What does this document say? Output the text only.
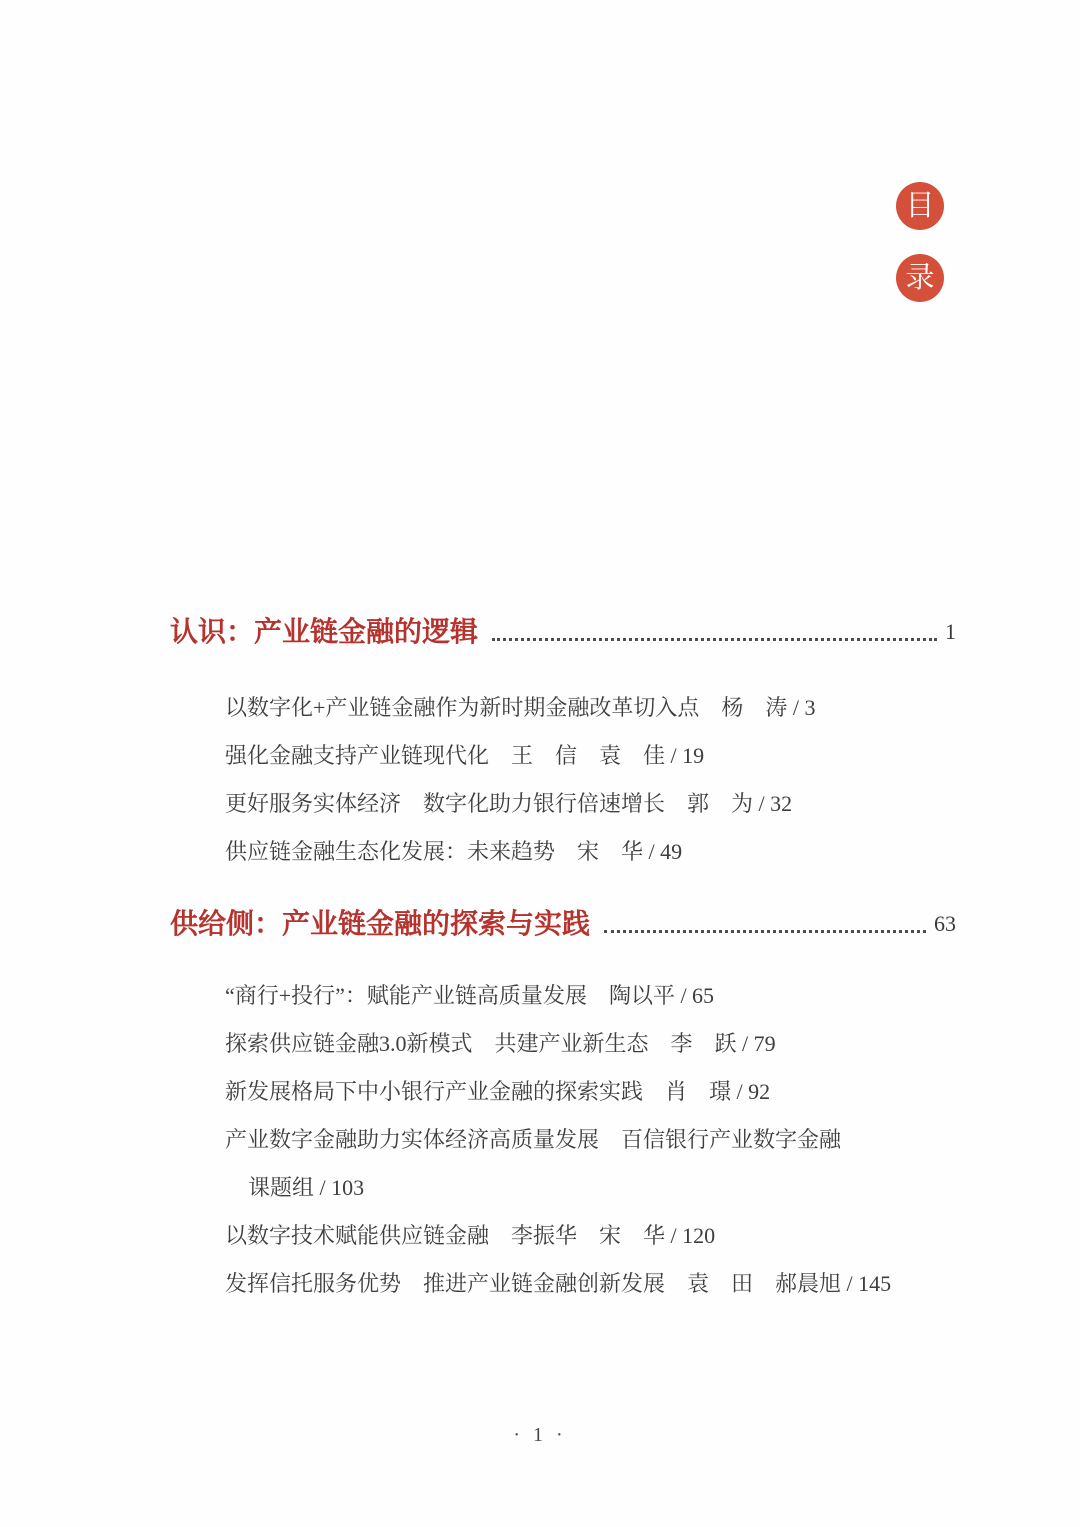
目
录
认识：产业链金融的逻辑	1
以数字化+产业链金融作为新时期金融改革切入点　杨　涛 / 3
强化金融支持产业链现代化　王　信　袁　佳 / 19
更好服务实体经济　数字化助力银行倍速增长　郭　为 / 32
供应链金融生态化发展：未来趋势　宋　华 / 49
供给侧：产业链金融的探索与实践	63
“商行+投行”：赋能产业链高质量发展　陶以平 / 65
探索供应链金融3.0新模式　共建产业新生态　李　跃 / 79
新发展格局下中小银行产业金融的探索实践　肖　璟 / 92
产业数字金融助力实体经济高质量发展　百信银行产业数字金融
课题组 / 103
以数字技术赋能供应链金融　李振华　宋　华 / 120
发挥信托服务优势　推进产业链金融创新发展　袁　田　郝晨旭 / 145
· 1 ·
